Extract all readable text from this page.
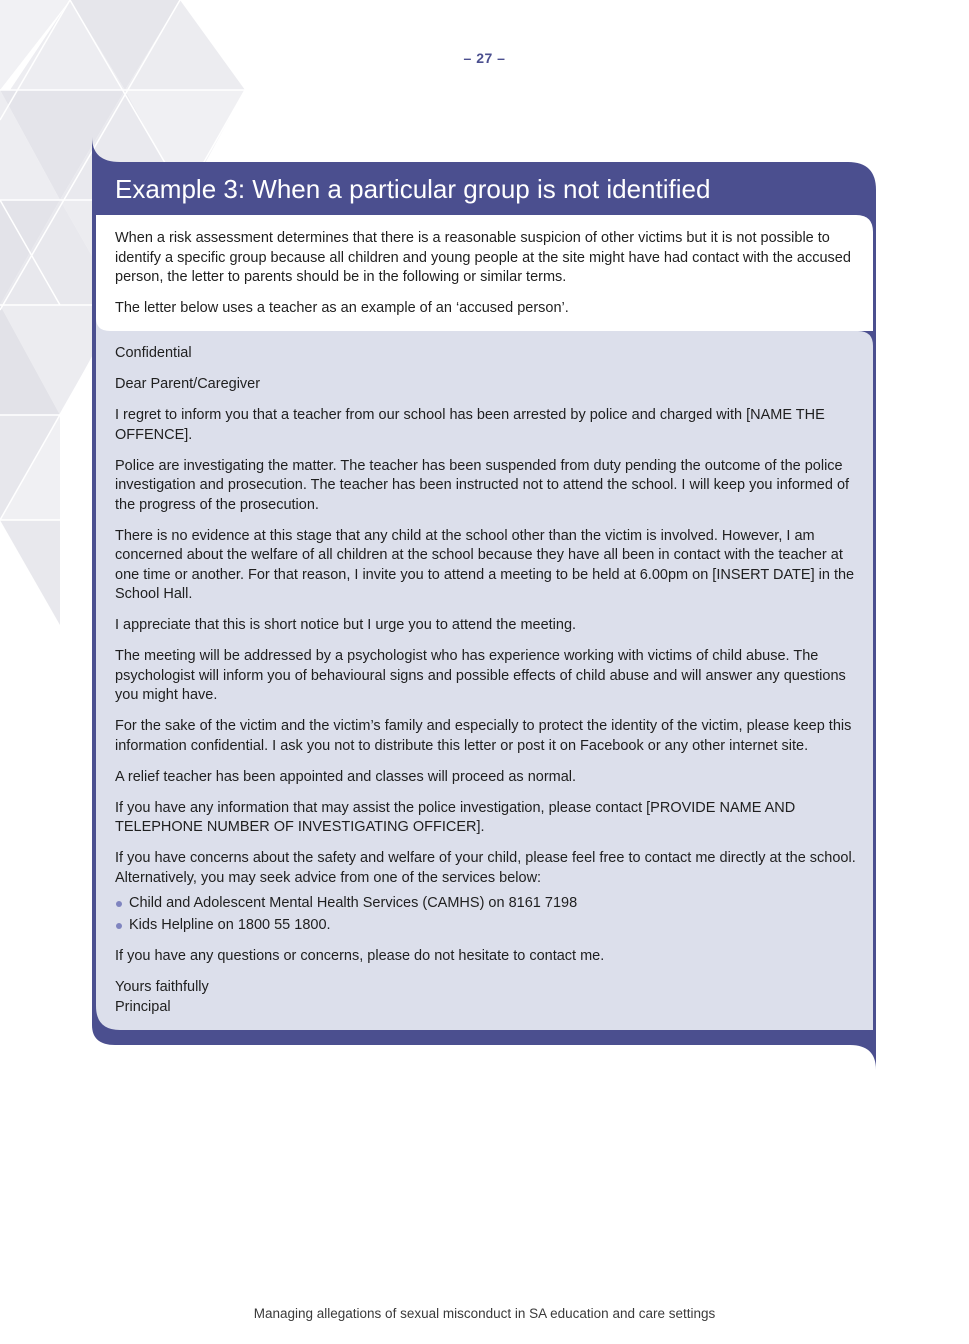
– 27 –
Example 3: When a particular group is not identified

When a risk assessment determines that there is a reasonable suspicion of other victims but it is not possible to identify a specific group because all children and young people at the site might have had contact with the accused person, the letter to parents should be in the following or similar terms.

The letter below uses a teacher as an example of an ‘accused person’.

Confidential

Dear Parent/Caregiver

I regret to inform you that a teacher from our school has been arrested by police and charged with [NAME THE OFFENCE].

Police are investigating the matter. The teacher has been suspended from duty pending the outcome of the police investigation and prosecution. The teacher has been instructed not to attend the school. I will keep you informed of the progress of the prosecution.

There is no evidence at this stage that any child at the school other than the victim is involved. However, I am concerned about the welfare of all children at the school because they have all been in contact with the teacher at one time or another. For that reason, I invite you to attend a meeting to be held at 6.00pm on [INSERT DATE] in the School Hall.

I appreciate that this is short notice but I urge you to attend the meeting.

The meeting will be addressed by a psychologist who has experience working with victims of child abuse. The psychologist will inform you of behavioural signs and possible effects of child abuse and will answer any questions you might have.

For the sake of the victim and the victim’s family and especially to protect the identity of the victim, please keep this information confidential. I ask you not to distribute this letter or post it on Facebook or any other internet site.

A relief teacher has been appointed and classes will proceed as normal.

If you have any information that may assist the police investigation, please contact [PROVIDE NAME AND TELEPHONE NUMBER OF INVESTIGATING OFFICER].

If you have concerns about the safety and welfare of your child, please feel free to contact me directly at the school. Alternatively, you may seek advice from one of the services below:

Child and Adolescent Mental Health Services (CAMHS) on 8161 7198
Kids Helpline on 1800 55 1800.

If you have any questions or concerns, please do not hesitate to contact me.

Yours faithfully

Principal

Managing allegations of sexual misconduct in SA education and care settings
